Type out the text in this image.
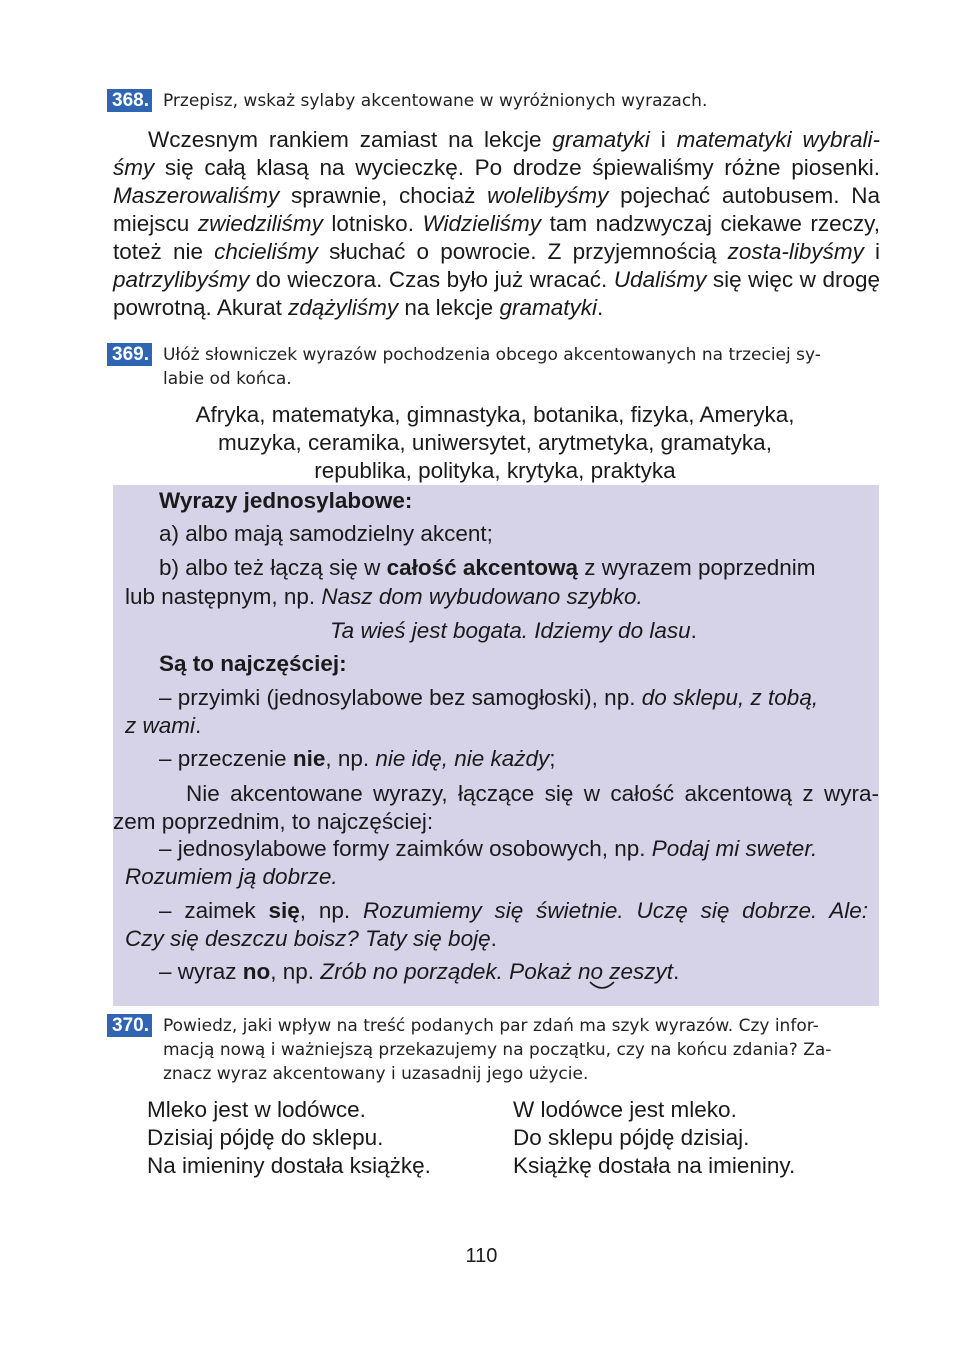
368. Przepisz, wskaż sylaby akcentowane w wyróżnionych wyrazach.
Wczesnym rankiem zamiast na lekcje gramatyki i matematyki wybrali-
śmy się całą klasą na wycieczkę. Po drodze śpiewaliśmy różne piosenki. Maszerowaliśmy sprawnie, chociaż wolelibyśmy pojechać autobusem. Na miejscu zwiedziliśmy lotnisko. Widzieliśmy tam nadzwyczaj ciekawe rzeczy, toteż nie chcieliśmy słuchać o powrocie. Z przyjemnością zosta-libyśmy i patrzylibyśmy do wieczora. Czas było już wracać. Udaliśmy się więc w drogę powrotną. Akurat zdążyliśmy na lekcje gramatyki.
369. Ułóż słowniczek wyrazów pochodzenia obcego akcentowanych na trzeciej sy-
labie od końca.
Afryka, matematyka, gimnastyka, botanika, fizyka, Ameryka,
muzyka, ceramika, uniwersytet, arytmetyka, gramatyka,
republika, polityka, krytyka, praktyka
Wyrazy jednosylabowe:
a) albo mają samodzielny akcent;
b) albo też łączą się w całość akcentową z wyrazem poprzednim
lub następnym, np. Nasz dom wybudowano szybko.
Ta wieś jest bogata. Idziemy do lasu.
Są to najczęściej:
– przyimki (jednosylabowe bez samogłoski), np. do sklepu, z tobą,
z wami.
– przeczenie nie, np. nie idę, nie każdy;
Nie akcentowane wyrazy, łączące się w całość akcentową z wyra-
zem poprzednim, to najczęściej:
– jednosylabowe formy zaimków osobowych, np. Podaj mi sweter.
Rozumiem ją dobrze.
– zaimek się, np. Rozumiemy się świetnie. Uczę się dobrze. Ale:
Czy się deszczu boisz? Taty się boję.
– wyraz no, np. Zrób no porządek. Pokaż no zeszyt.
370. Powiedz, jaki wpływ na treść podanych par zdań ma szyk wyrazów. Czy infor-
macją nową i ważniejszą przekazujemy na początku, czy na końcu zdania? Za-
znacz wyraz akcentowany i uzasadnij jego użycie.
Mleko jest w lodówce.
Dzisiaj pójdę do sklepu.
Na imieniny dostała książkę.
W lodówce jest mleko.
Do sklepu pójdę dzisiaj.
Książkę dostała na imieniny.
110
